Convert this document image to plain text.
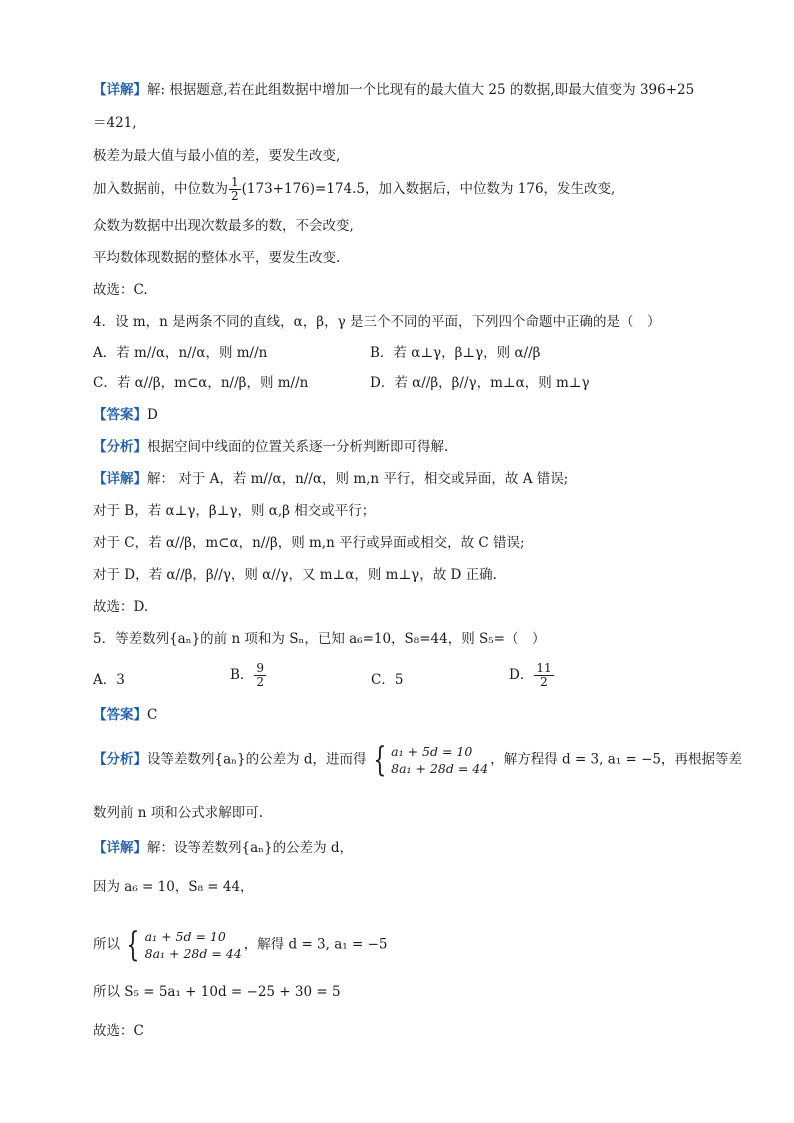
【详解】解: 根据题意,若在此组数据中增加一个比现有的最大值大 25 的数据,即最大值变为 396+25
＝421,
极差为最大值与最小值的差，要发生改变,
加入数据前，中位数为 $\frac{1}{2} (173+176)=174.5$，加入数据后，中位数为 176，发生改变,
众数为数据中出现次数最多的数，不会改变,
平均数体现数据的整体水平，要发生改变.
故选：C.
4．设 m，n 是两条不同的直线，α，β，γ 是三个不同的平面，下列四个命题中正确的是（　）
A．若 m//α，n//α，则 m//n	B．若 α⊥γ，β⊥γ，则 α//β
C．若 α//β，m⊂α，n//β，则 m//n	D．若 α//β，β//γ，m⊥α，则 m⊥γ
【答案】D
【分析】根据空间中线面的位置关系逐一分析判断即可得解.
【详解】解： 对于 A，若 m//α，n//α，则 m,n 平行，相交或异面，故 A 错误;
对于 B，若 α⊥γ，β⊥γ，则 α,β 相交或平行；
对于 C，若 α//β，m⊂α，n//β，则 m,n 平行或异面或相交，故 C 错误;
对于 D，若 α//β，β//γ，则 α//γ，又 m⊥α，则 m⊥γ，故 D 正确.
故选：D.
5．等差数列{aₙ}的前 n 项和为 Sₙ，已知 a₆=10，S₈=44，则 S₅=（　）
A．3	B． $\frac{9}{2}$	C．5	D． $\frac{11}{2}$
【答案】C
【分析】设等差数列{aₙ}的公差为 d，进而得 { a₁ + 5d = 10
8a₁ + 28d = 44
，解方程得 d = 3, a₁ = −5，再根据等差
数列前 n 项和公式求解即可.
【详解】解：设等差数列{aₙ}的公差为 d，
因为 a₆ = 10，S₈ = 44，
所以 { a₁ + 5d = 10
8a₁ + 28d = 44
，解得 d = 3, a₁ = −5
所以 S₅ = 5a₁ + 10d = −25 + 30 = 5
故选：C
